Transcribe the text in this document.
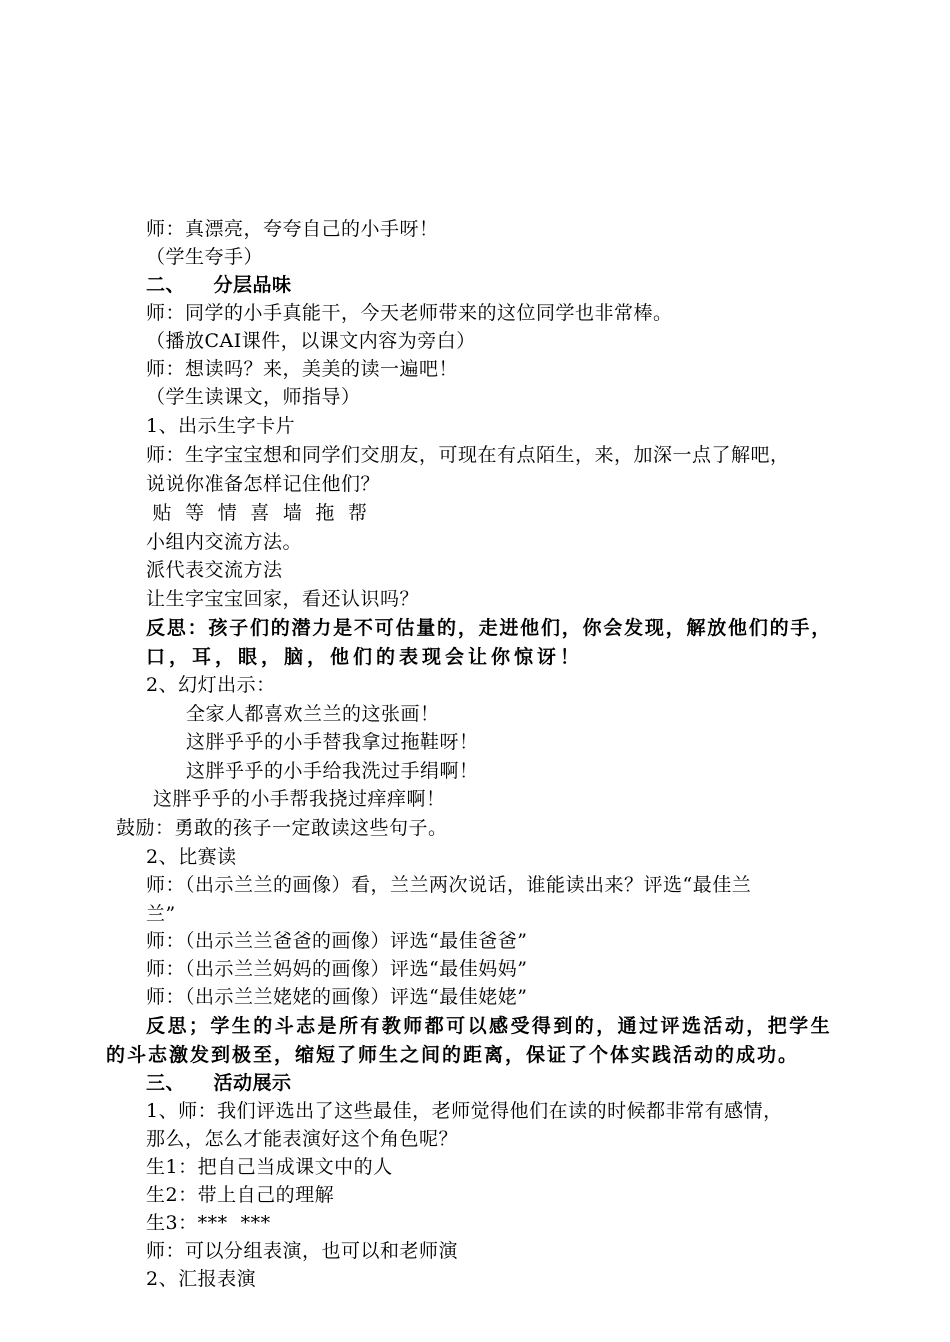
师：真漂亮，夸夸自己的小手呀！
（学生夸手）
二、    分层品味
师：同学的小手真能干，今天老师带来的这位同学也非常棒。
（播放CAI课件，以课文内容为旁白）
师：想读吗？来，美美的读一遍吧！
（学生读课文，师指导）
1、出示生字卡片
师：生字宝宝想和同学们交朋友，可现在有点陌生，来，加深一点了解吧，
说说你准备怎样记住他们？
贴  等  情  喜  墙  拖  帮
小组内交流方法。
派代表交流方法
让生字宝宝回家，看还认识吗？
反思：孩子们的潜力是不可估量的，走进他们，你会发现，解放他们的手，
口，耳，眼，脑，他们的表现会让你惊讶！
2、幻灯出示：
全家人都喜欢兰兰的这张画！
这胖乎乎的小手替我拿过拖鞋呀！
这胖乎乎的小手给我洗过手绢啊！
这胖乎乎的小手帮我挠过痒痒啊！
鼓励：勇敢的孩子一定敢读这些句子。
2、比赛读
师：（出示兰兰的画像）看，兰兰两次说话，谁能读出来？评选“最佳兰
兰”
师：（出示兰兰爸爸的画像）评选“最佳爸爸”
师：（出示兰兰妈妈的画像）评选“最佳妈妈”
师：（出示兰兰姥姥的画像）评选“最佳姥姥”
反思；学生的斗志是所有教师都可以感受得到的，通过评选活动，把学生
的斗志激发到极至，缩短了师生之间的距离，保证了个体实践活动的成功。
三、    活动展示
1、师：我们评选出了这些最佳，老师觉得他们在读的时候都非常有感情，
那么，怎么才能表演好这个角色呢？
生1：把自己当成课文中的人
生2：带上自己的理解
生3：***  ***
师：可以分组表演，也可以和老师演
2、汇报表演
